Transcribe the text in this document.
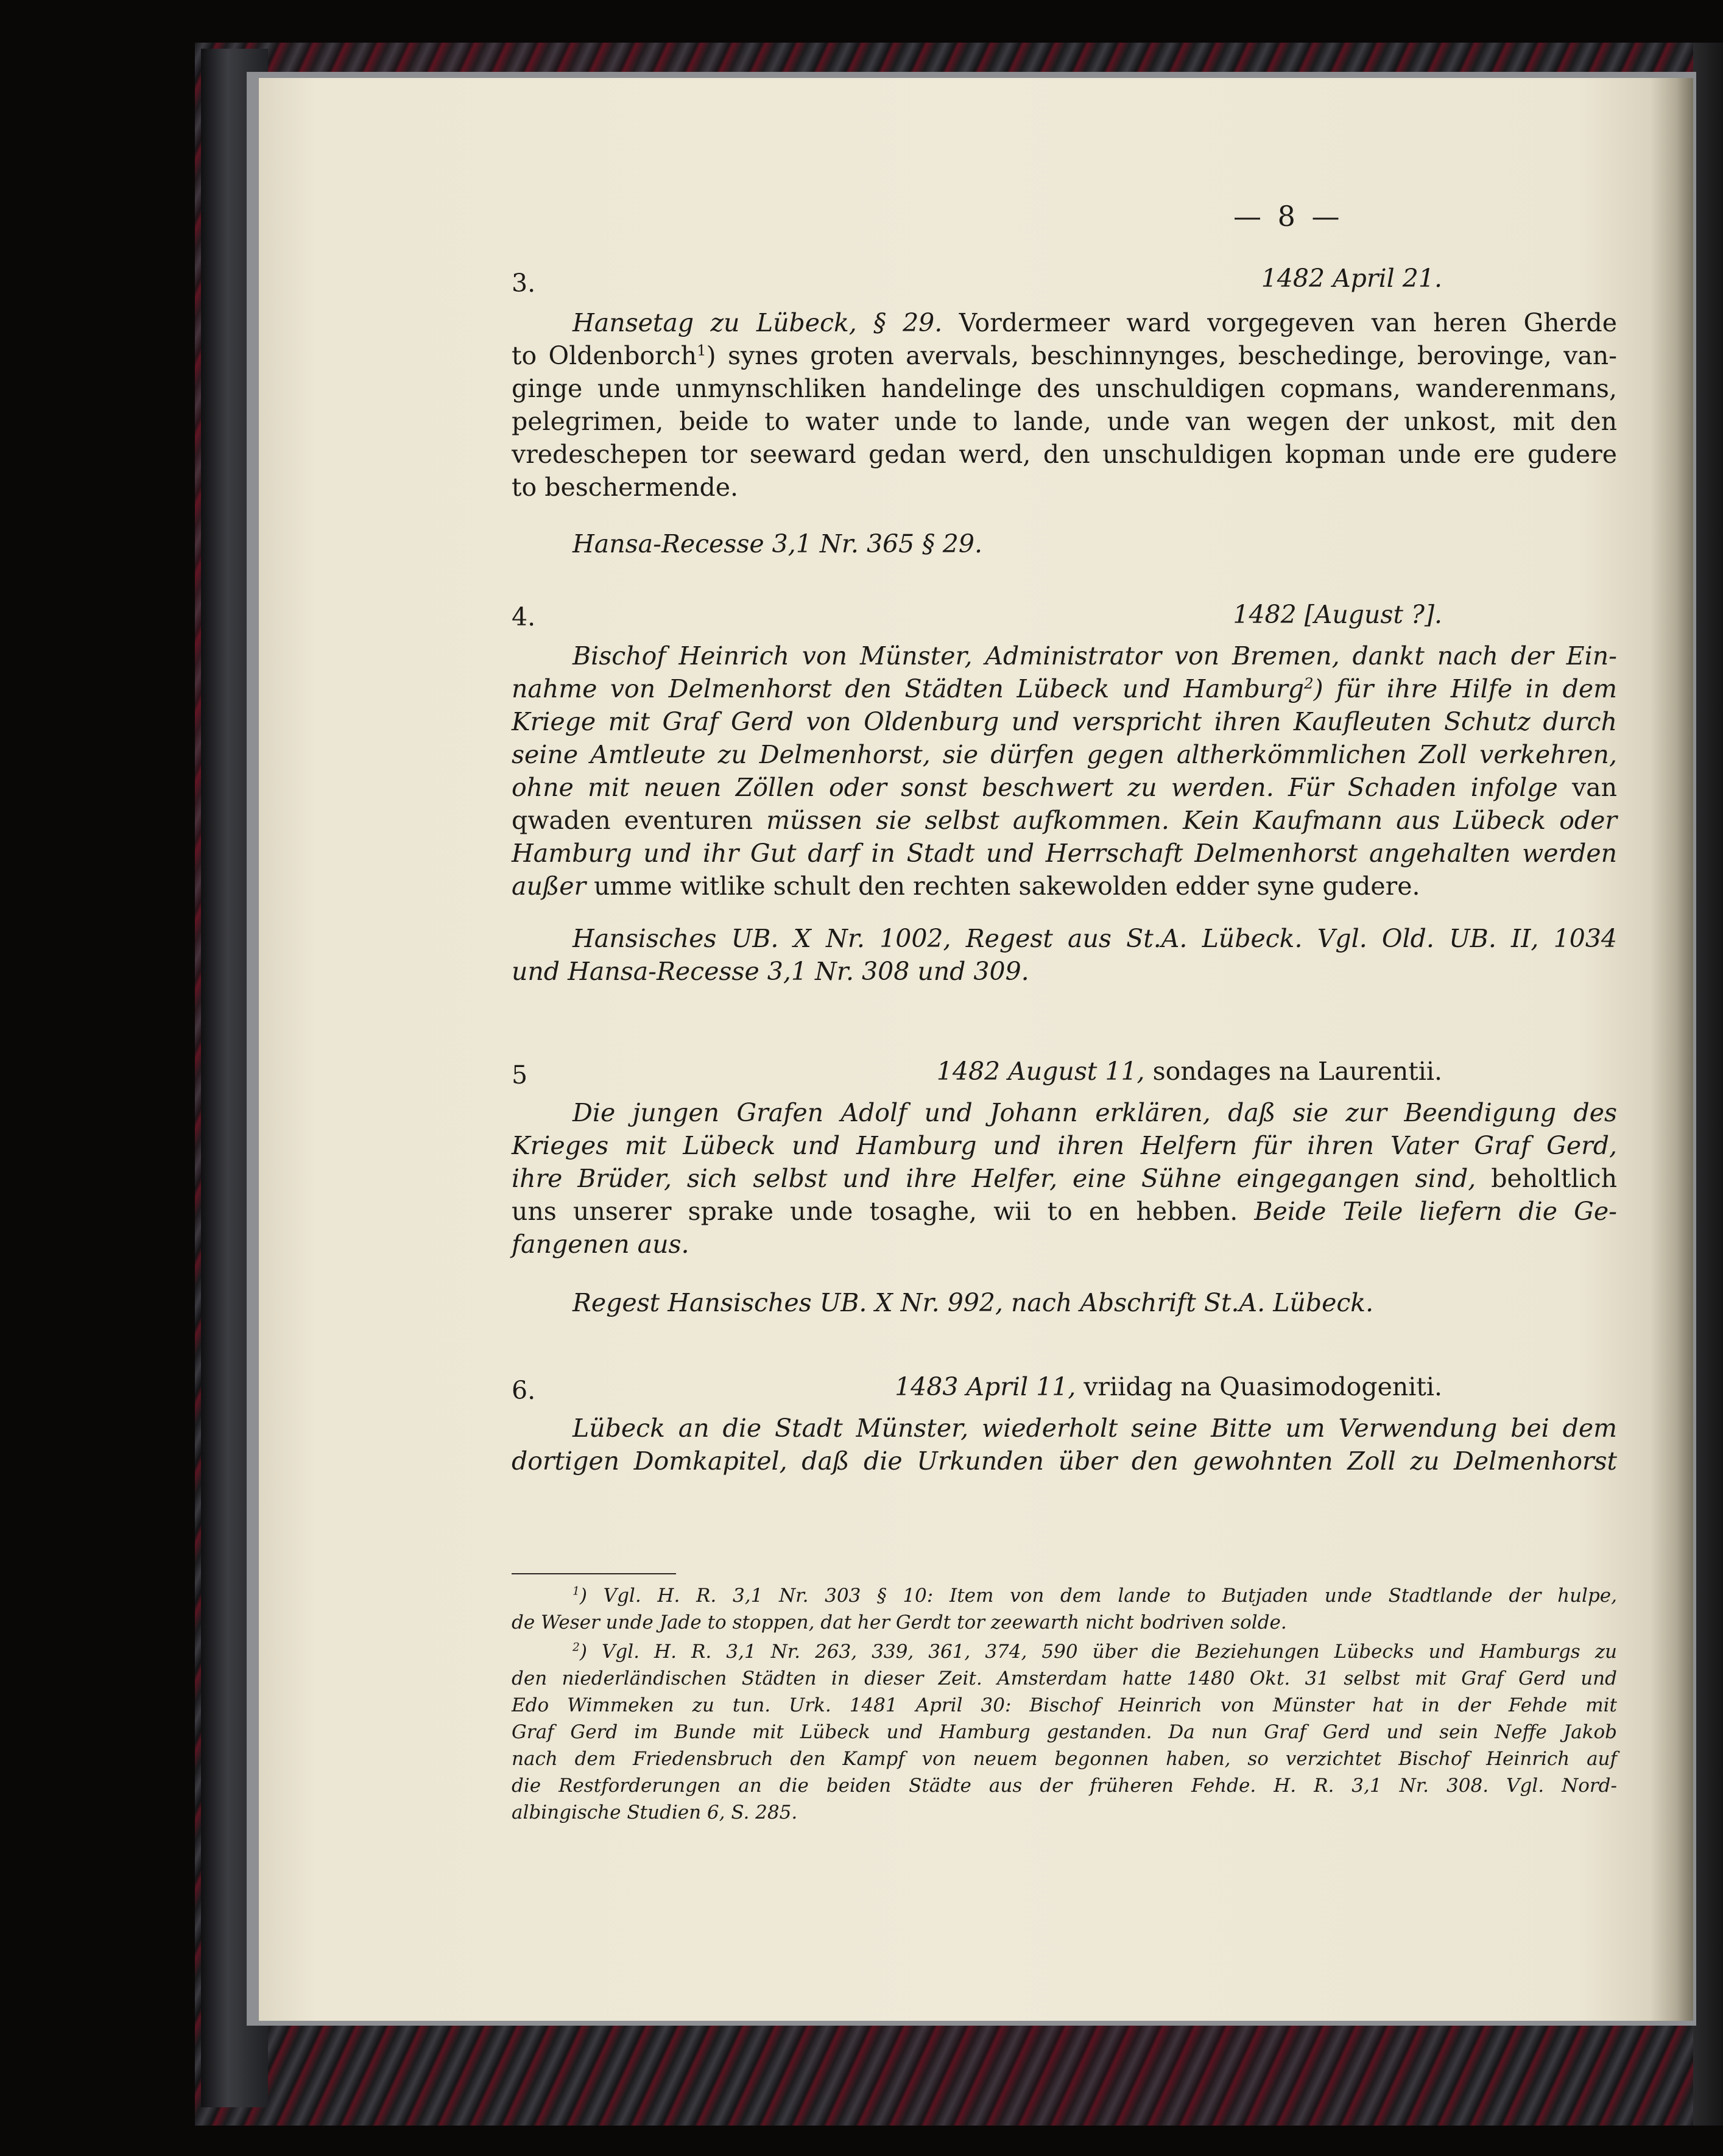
— 8 —
3.	1482 April 21.
Hansetag zu Lübeck, § 29. Vordermeer ward vorgegeven van heren Gherde
to Oldenborch$^1$) synes groten avervals, beschinnynges, beschedinge, berovinge, van-
ginge unde unmynschliken handelinge des unschuldigen copmans, wanderenmans,
pelegrimen, beide to water unde to lande, unde van wegen der unkost, mit den
vredeschepen tor seeward gedan werd, den unschuldigen kopman unde ere gudere
to beschermende.
Hansa-Recesse 3,1 Nr. 365 § 29.
4.	1482 [August ?].
Bischof Heinrich von Münster, Administrator von Bremen, dankt nach der Ein-
nahme von Delmenhorst den Städten Lübeck und Hamburg$^2$) für ihre Hilfe in dem
Kriege mit Graf Gerd von Oldenburg und verspricht ihren Kaufleuten Schutz durch
seine Amtleute zu Delmenhorst, sie dürfen gegen altherkömmlichen Zoll verkehren,
ohne mit neuen Zöllen oder sonst beschwert zu werden. Für Schaden infolge van
qwaden eventuren müssen sie selbst aufkommen. Kein Kaufmann aus Lübeck oder
Hamburg und ihr Gut darf in Stadt und Herrschaft Delmenhorst angehalten werden
außer umme witlike schult den rechten sakewolden edder syne gudere.
Hansisches UB. X Nr. 1002, Regest aus St.A. Lübeck. Vgl. Old. UB. II, 1034
und Hansa-Recesse 3,1 Nr. 308 und 309.
5	1482 August 11, sondages na Laurentii.
Die jungen Grafen Adolf und Johann erklären, daß sie zur Beendigung des
Krieges mit Lübeck und Hamburg und ihren Helfern für ihren Vater Graf Gerd,
ihre Brüder, sich selbst und ihre Helfer, eine Sühne eingegangen sind, beholtlich
uns unserer sprake unde tosaghe, wii to en hebben. Beide Teile liefern die Ge-
fangenen aus.
Regest Hansisches UB. X Nr. 992, nach Abschrift St.A. Lübeck.
6.	1483 April 11, vriidag na Quasimodogeniti.
Lübeck an die Stadt Münster, wiederholt seine Bitte um Verwendung bei dem
dortigen Domkapitel, daß die Urkunden über den gewohnten Zoll zu Delmenhorst
$^1$) Vgl. H. R. 3,1 Nr. 303 § 10: Item von dem lande to Butjaden unde Stadtlande der hulpe,
de Weser unde Jade to stoppen, dat her Gerdt tor zeewarth nicht bodriven solde.
$^2$) Vgl. H. R. 3,1 Nr. 263, 339, 361, 374, 590 über die Beziehungen Lübecks und Hamburgs zu
den niederländischen Städten in dieser Zeit. Amsterdam hatte 1480 Okt. 31 selbst mit Graf Gerd und
Edo Wimmeken zu tun. Urk. 1481 April 30: Bischof Heinrich von Münster hat in der Fehde mit
Graf Gerd im Bunde mit Lübeck und Hamburg gestanden. Da nun Graf Gerd und sein Neffe Jakob
nach dem Friedensbruch den Kampf von neuem begonnen haben, so verzichtet Bischof Heinrich auf
die Restforderungen an die beiden Städte aus der früheren Fehde. H. R. 3,1 Nr. 308. Vgl. Nord-
albingische Studien 6, S. 285.
